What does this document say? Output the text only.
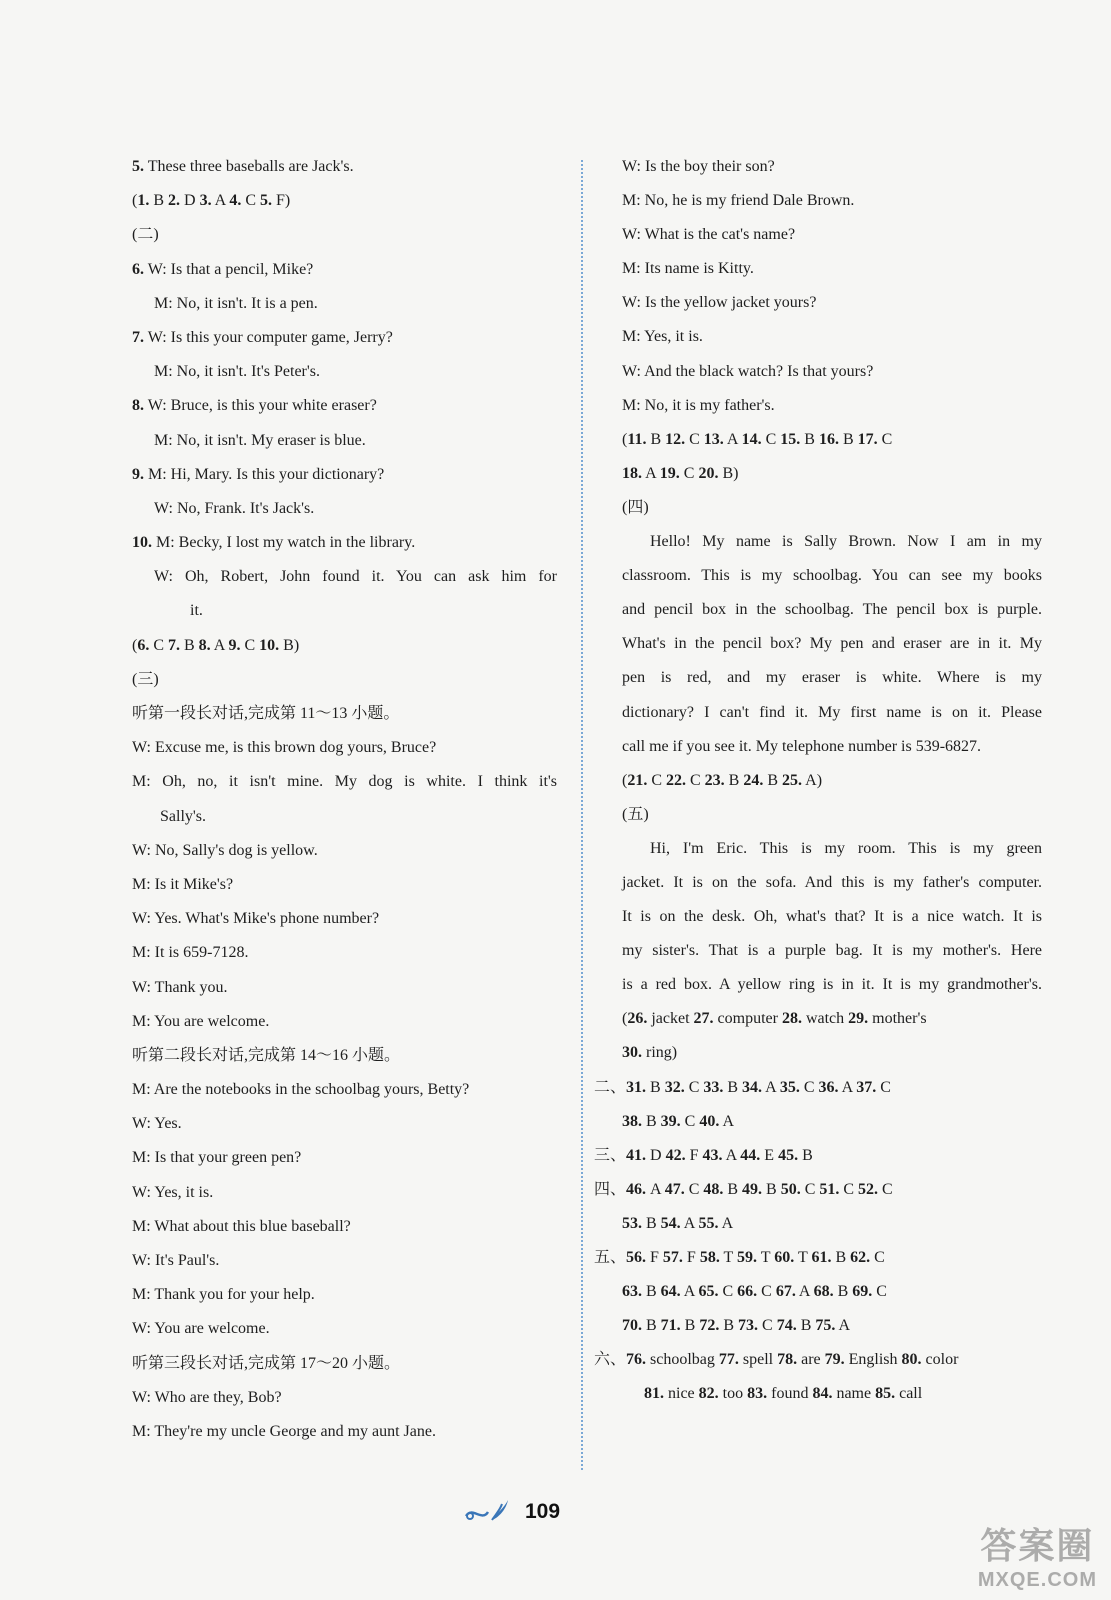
5. These three baseballs are Jack's.
(1. B 2. D 3. A 4. C 5. F)
(二)
6. W: Is that a pencil, Mike?
M: No, it isn't. It is a pen.
7. W: Is this your computer game, Jerry?
M: No, it isn't. It's Peter's.
8. W: Bruce, is this your white eraser?
M: No, it isn't. My eraser is blue.
9. M: Hi, Mary. Is this your dictionary?
W: No, Frank. It's Jack's.
10. M: Becky, I lost my watch in the library.
W: Oh, Robert, John found it. You can ask him for
it.
(6. C 7. B 8. A 9. C 10. B)
(三)
听第一段长对话,完成第 11～13 小题。
W: Excuse me, is this brown dog yours, Bruce?
M: Oh, no, it isn't mine. My dog is white. I think it's
Sally's.
W: No, Sally's dog is yellow.
M: Is it Mike's?
W: Yes. What's Mike's phone number?
M: It is 659-7128.
W: Thank you.
M: You are welcome.
听第二段长对话,完成第 14～16 小题。
M: Are the notebooks in the schoolbag yours, Betty?
W: Yes.
M: Is that your green pen?
W: Yes, it is.
M: What about this blue baseball?
W: It's Paul's.
M: Thank you for your help.
W: You are welcome.
听第三段长对话,完成第 17～20 小题。
W: Who are they, Bob?
M: They're my uncle George and my aunt Jane.
W: Is the boy their son?
M: No, he is my friend Dale Brown.
W: What is the cat's name?
M: Its name is Kitty.
W: Is the yellow jacket yours?
M: Yes, it is.
W: And the black watch? Is that yours?
M: No, it is my father's.
(11. B 12. C 13. A 14. C 15. B 16. B 17. C
18. A 19. C 20. B)
(四)
Hello! My name is Sally Brown. Now I am in my
classroom. This is my schoolbag. You can see my books
and pencil box in the schoolbag. The pencil box is purple.
What's in the pencil box? My pen and eraser are in it. My
pen is red, and my eraser is white. Where is my
dictionary? I can't find it. My first name is on it. Please
call me if you see it. My telephone number is 539-6827.
(21. C 22. C 23. B 24. B 25. A)
(五)
Hi, I'm Eric. This is my room. This is my green
jacket. It is on the sofa. And this is my father's computer.
It is on the desk. Oh, what's that? It is a nice watch. It is
my sister's. That is a purple bag. It is my mother's. Here
is a red box. A yellow ring is in it. It is my grandmother's.
(26. jacket 27. computer 28. watch 29. mother's
30. ring)
二、31. B 32. C 33. B 34. A 35. C 36. A 37. C
38. B 39. C 40. A
三、41. D 42. F 43. A 44. E 45. B
四、46. A 47. C 48. B 49. B 50. C 51. C 52. C
53. B 54. A 55. A
五、56. F 57. F 58. T 59. T 60. T 61. B 62. C
63. B 64. A 65. C 66. C 67. A 68. B 69. C
70. B 71. B 72. B 73. C 74. B 75. A
六、76. schoolbag 77. spell 78. are 79. English 80. color
81. nice 82. too 83. found 84. name 85. call
109
答案圈
MXQE.COM
